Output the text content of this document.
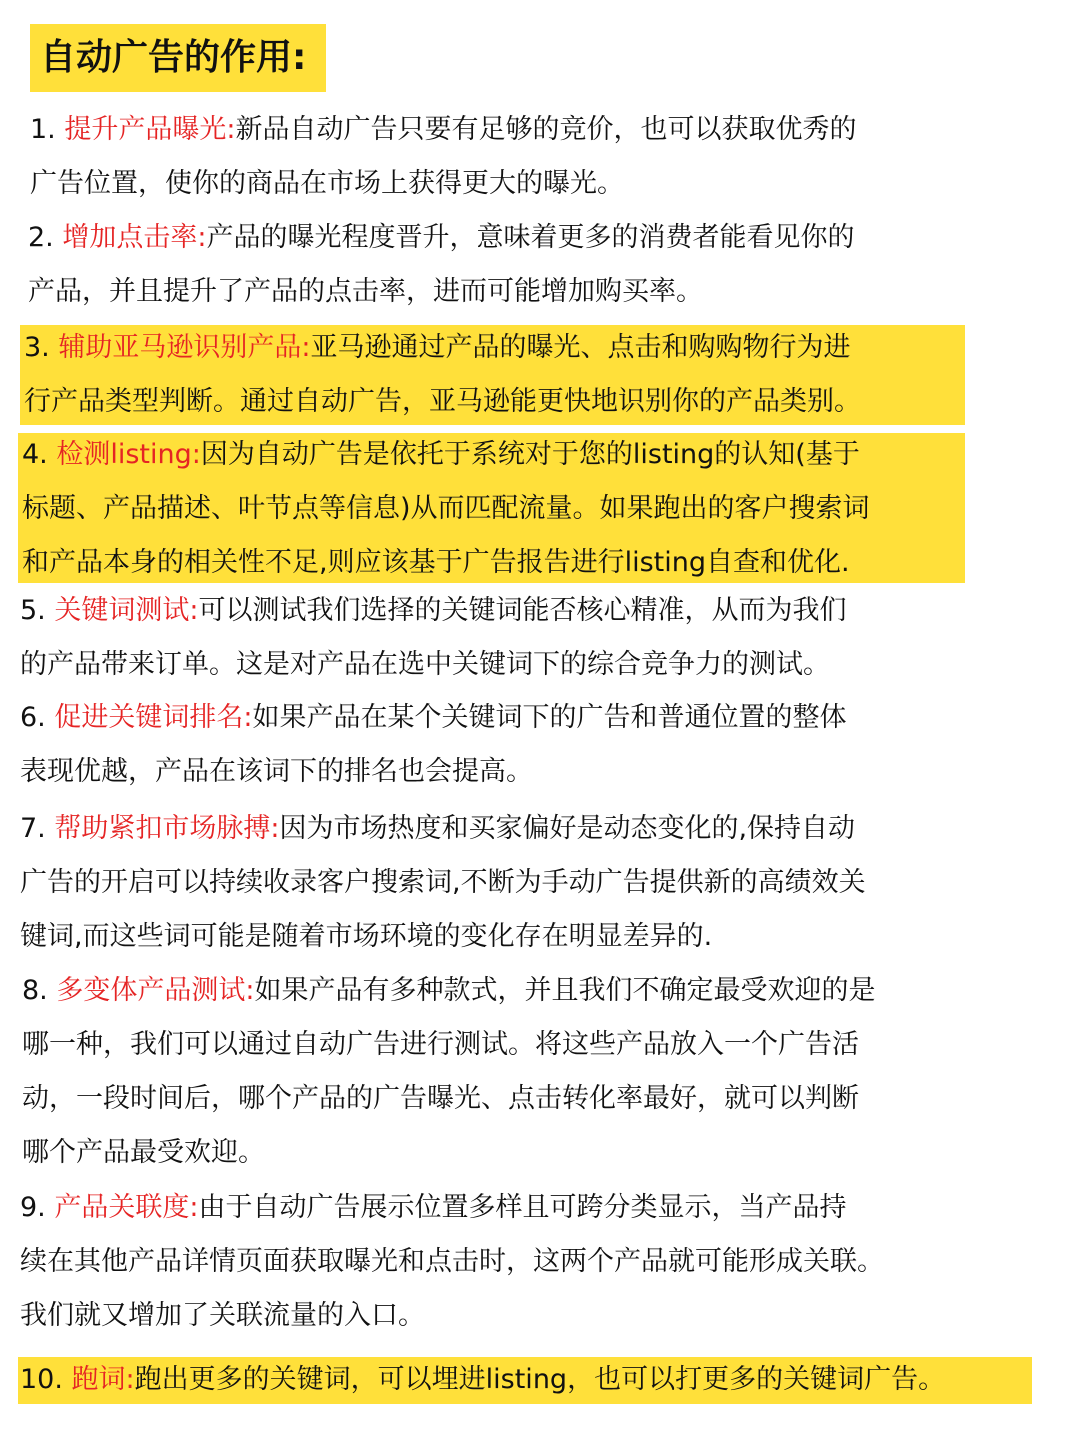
自动广告的作用:
1. 提升产品曝光:新品自动广告只要有足够的竞价，也可以获取优秀的
广告位置，使你的商品在市场上获得更大的曝光。
2. 增加点击率:产品的曝光程度晋升，意味着更多的消费者能看见你的
产品，并且提升了产品的点击率，进而可能增加购买率。
3. 辅助亚马逊识别产品:亚马逊通过产品的曝光、点击和购购物行为进
行产品类型判断。通过自动广告，亚马逊能更快地识别你的产品类别。
4. 检测listing:因为自动广告是依托于系统对于您的listing的认知(基于
标题、产品描述、叶节点等信息)从而匹配流量。如果跑出的客户搜索词
和产品本身的相关性不足,则应该基于广告报告进行listing自查和优化.
5. 关键词测试:可以测试我们选择的关键词能否核心精准，从而为我们
的产品带来订单。这是对产品在选中关键词下的综合竞争力的测试。
6. 促进关键词排名:如果产品在某个关键词下的广告和普通位置的整体
表现优越，产品在该词下的排名也会提高。
7. 帮助紧扣市场脉搏:因为市场热度和买家偏好是动态变化的,保持自动
广告的开启可以持续收录客户搜索词,不断为手动广告提供新的高绩效关
键词,而这些词可能是随着市场环境的变化存在明显差异的.
8. 多变体产品测试:如果产品有多种款式，并且我们不确定最受欢迎的是
哪一种，我们可以通过自动广告进行测试。将这些产品放入一个广告活
动，一段时间后，哪个产品的广告曝光、点击转化率最好，就可以判断
哪个产品最受欢迎。
9. 产品关联度:由于自动广告展示位置多样且可跨分类显示，当产品持
续在其他产品详情页面获取曝光和点击时，这两个产品就可能形成关联。
我们就又增加了关联流量的入口。
10. 跑词:跑出更多的关键词，可以埋进listing，也可以打更多的关键词广告。
